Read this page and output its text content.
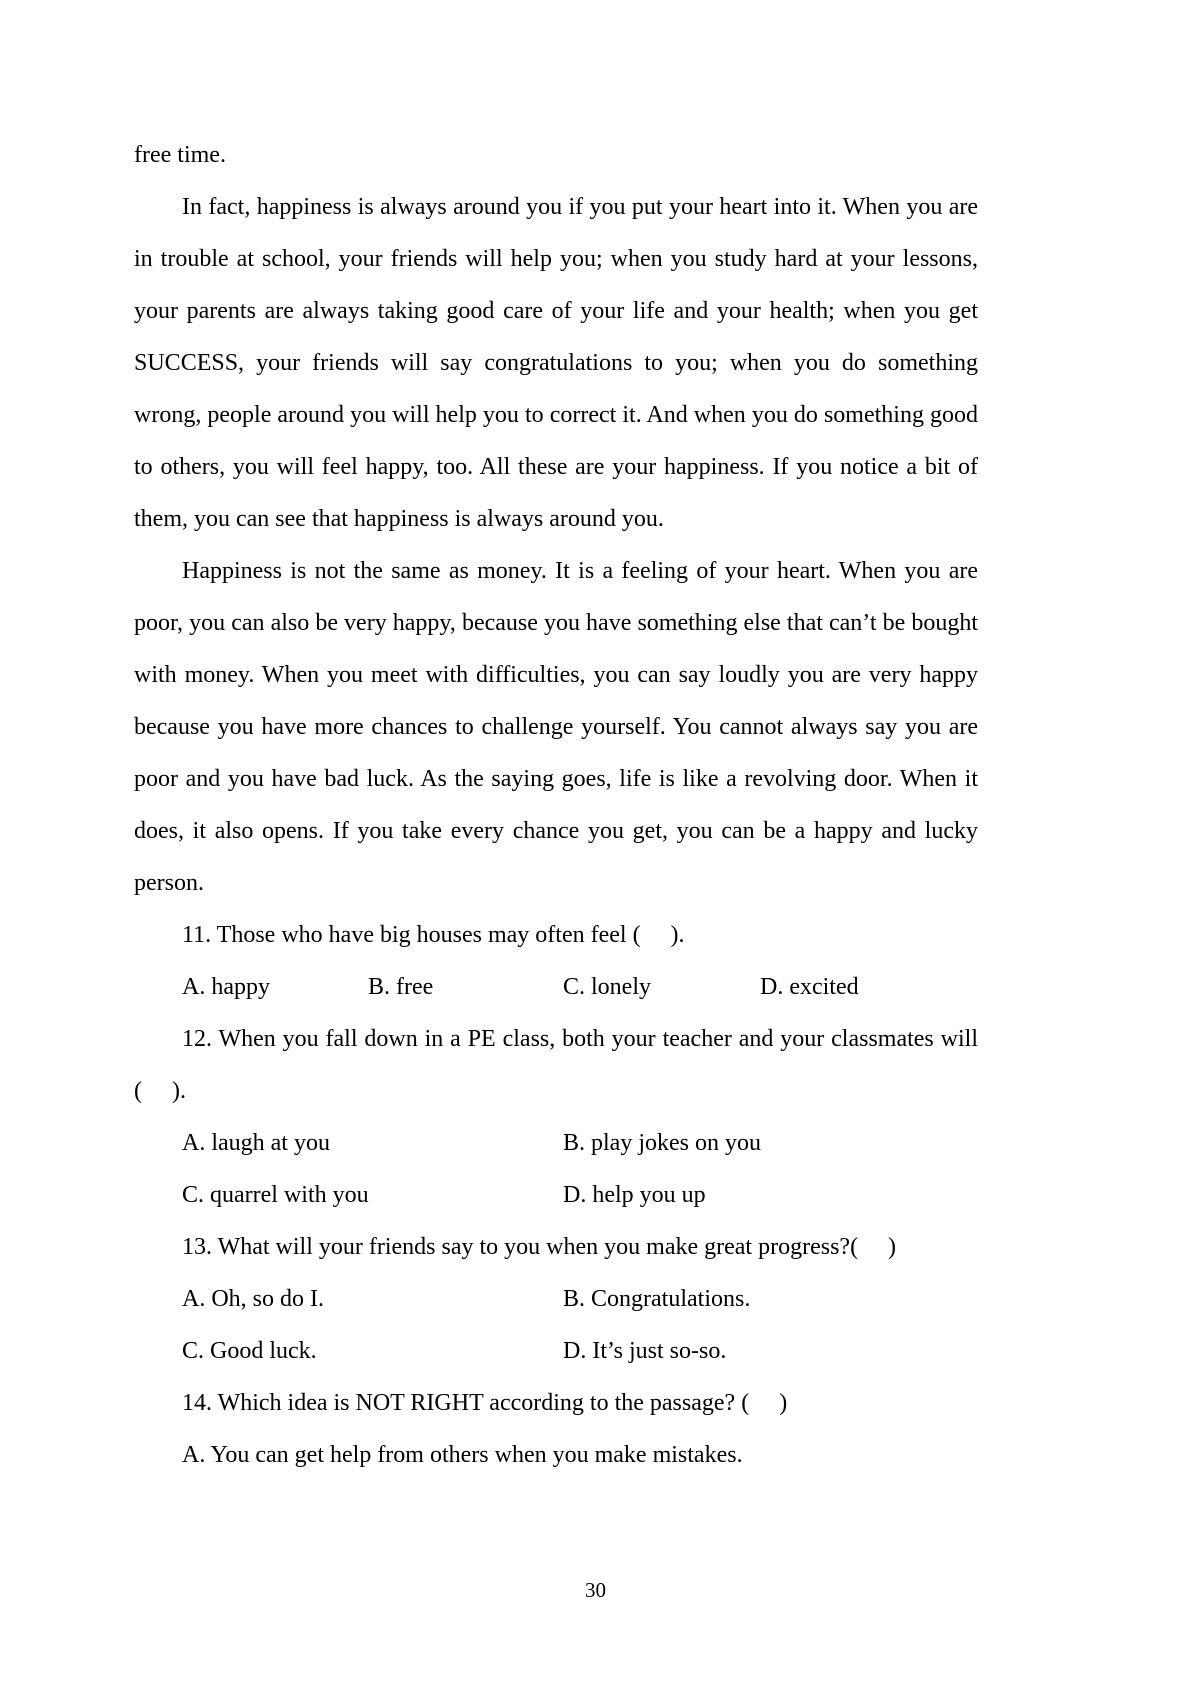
free time.

In fact, happiness is always around you if you put your heart into it. When you are in trouble at school, your friends will help you; when you study hard at your lessons, your parents are always taking good care of your life and your health; when you get SUCCESS, your friends will say congratulations to you; when you do something wrong, people around you will help you to correct it. And when you do something good to others, you will feel happy, too. All these are your happiness. If you notice a bit of them, you can see that happiness is always around you.

Happiness is not the same as money. It is a feeling of your heart. When you are poor, you can also be very happy, because you have something else that can’t be bought with money. When you meet with difficulties, you can say loudly you are very happy because you have more chances to challenge yourself. You cannot always say you are poor and you have bad luck. As the saying goes, life is like a revolving door. When it does, it also opens. If you take every chance you get, you can be a happy and lucky person.

11. Those who have big houses may often feel (     ).

A. happy	B. free	C. lonely	D. excited

12. When you fall down in a PE class, both your teacher and your classmates will (     ).

A. laugh at you	B. play jokes on you
C. quarrel with you	D. help you up

13. What will your friends say to you when you make great progress?(     )

A. Oh, so do I.	B. Congratulations.
C. Good luck.	D. It’s just so-so.

14. Which idea is NOT RIGHT according to the passage? (     )

A. You can get help from others when you make mistakes.

30
